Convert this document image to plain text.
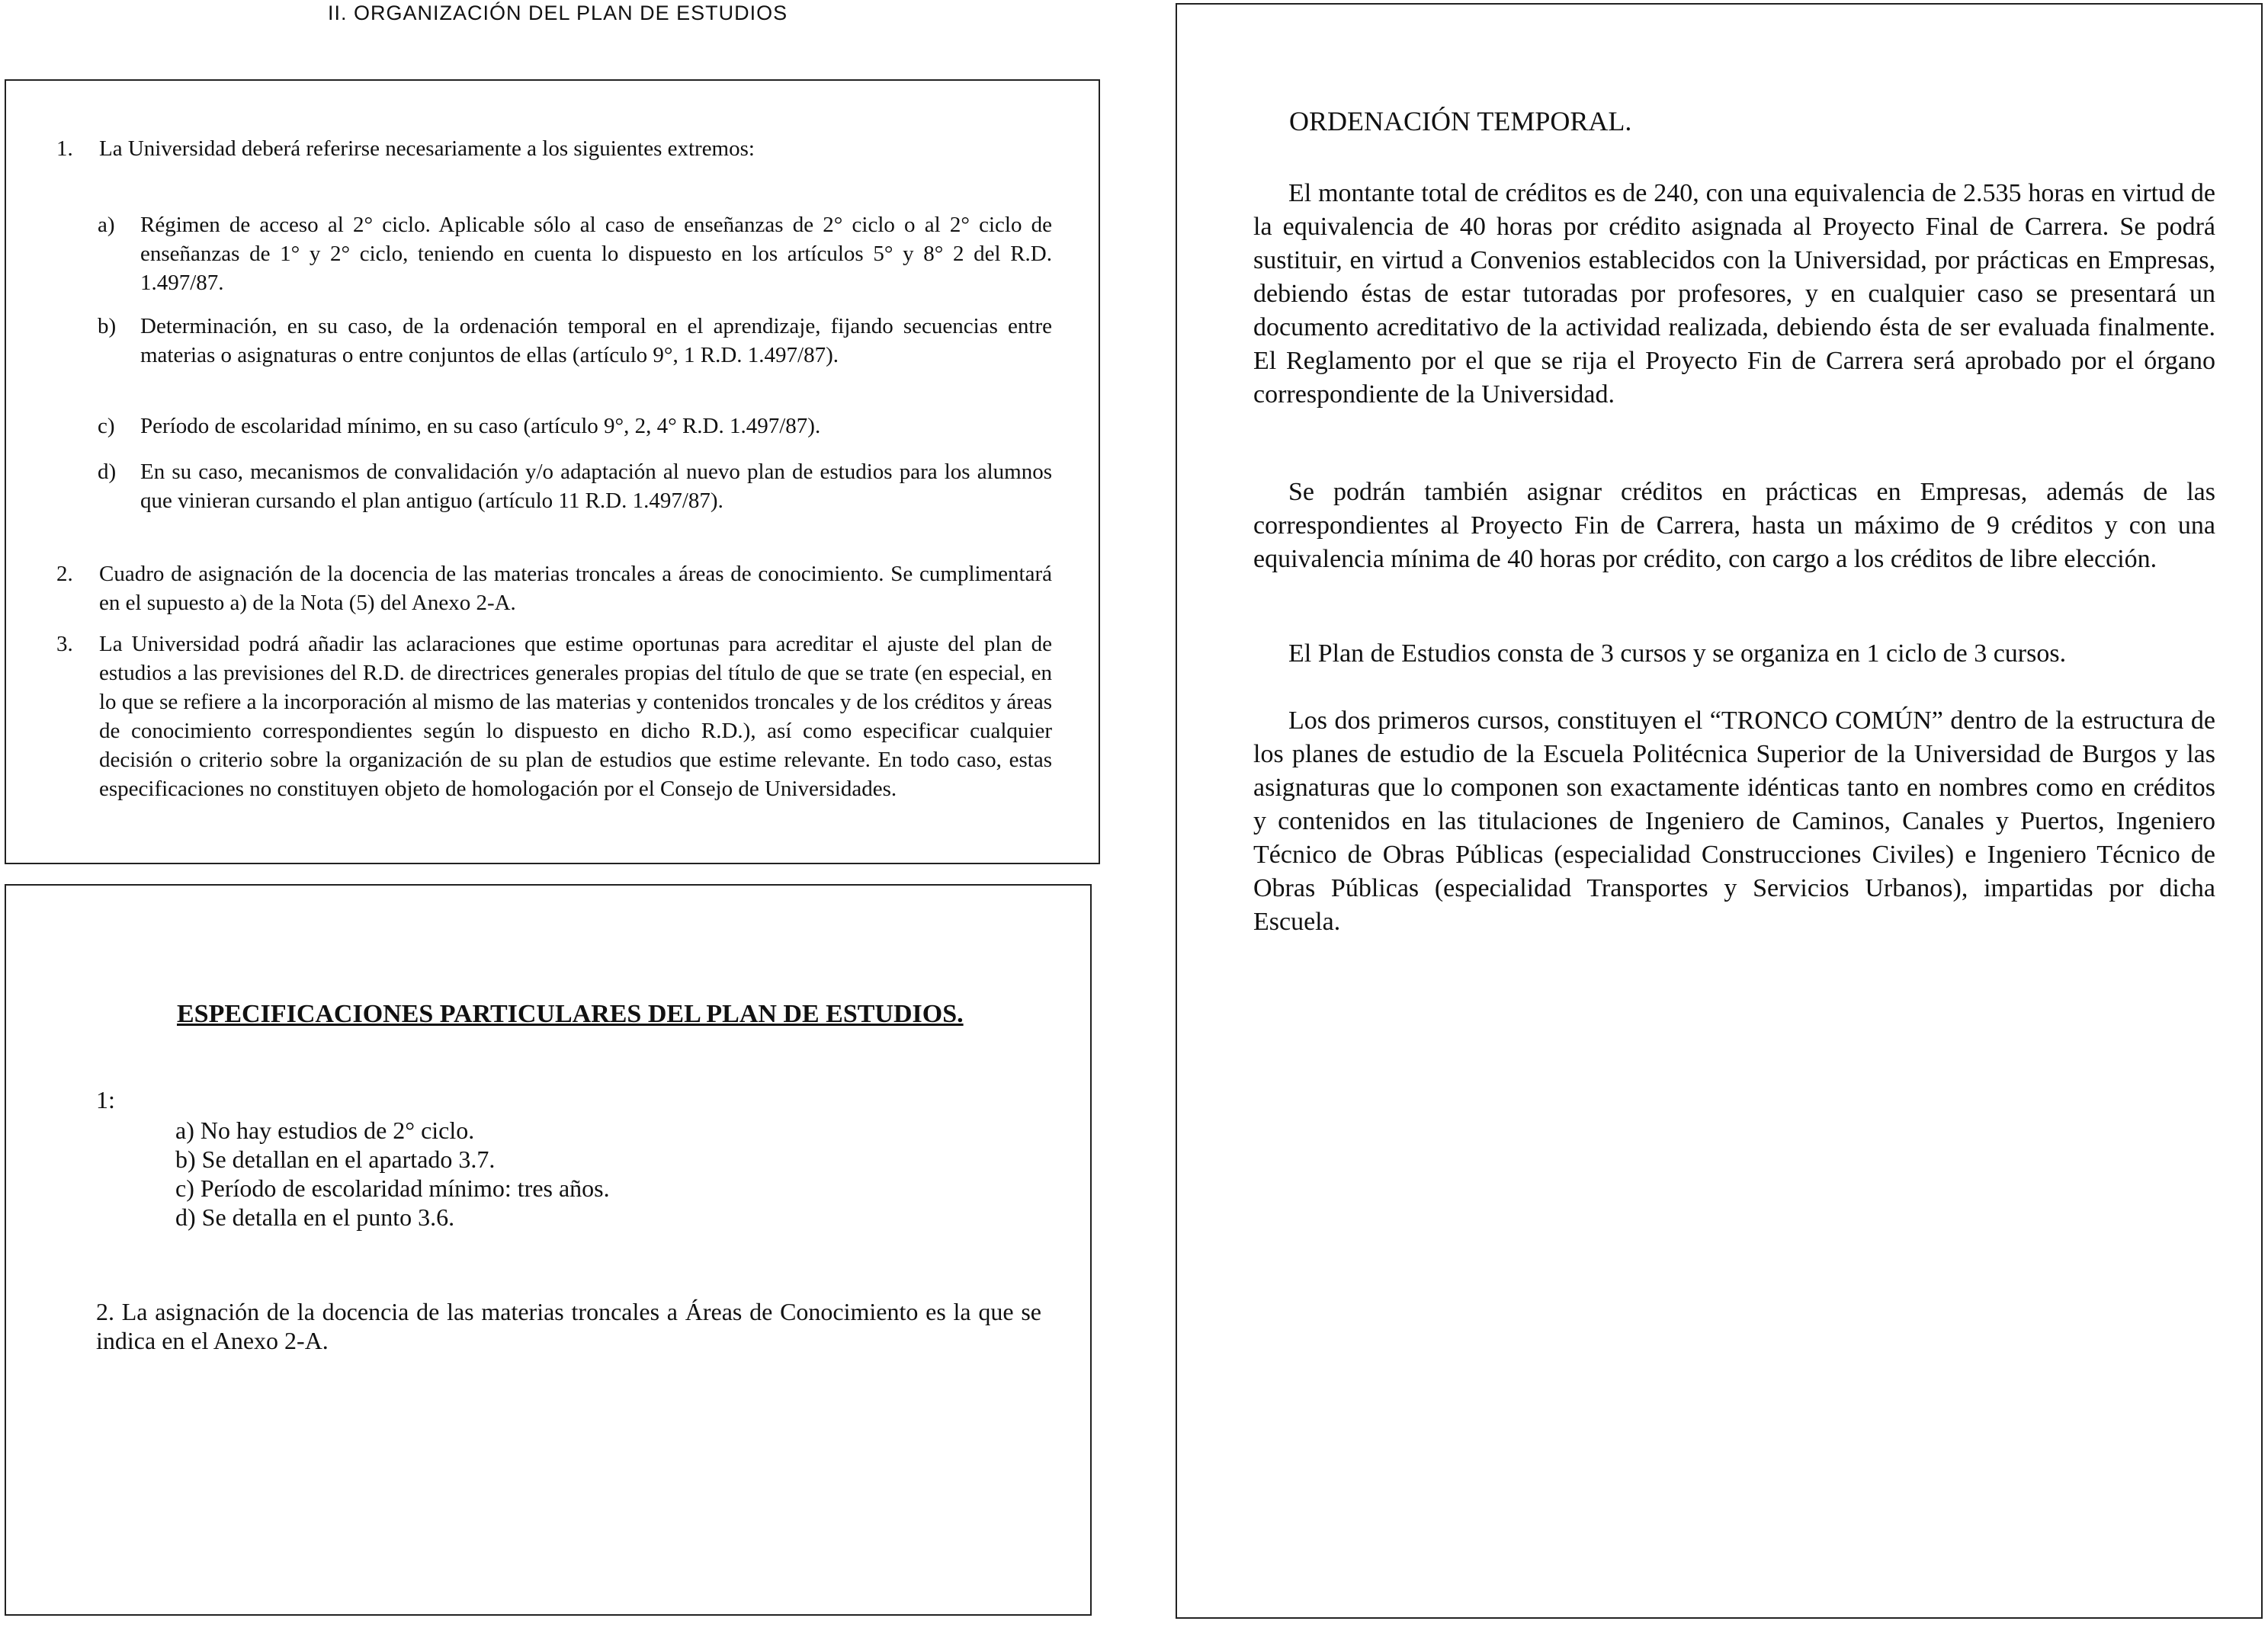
II. ORGANIZACIÓN DEL PLAN DE ESTUDIOS
1. La Universidad deberá referirse necesariamente a los siguientes extremos:
a) Régimen de acceso al 2° ciclo. Aplicable sólo al caso de enseñanzas de 2° ciclo o al 2° ciclo de enseñanzas de 1° y 2° ciclo, teniendo en cuenta lo dispuesto en los artículos 5° y 8° 2 del R.D. 1.497/87.
b) Determinación, en su caso, de la ordenación temporal en el aprendizaje, fijando secuencias entre materias o asignaturas o entre conjuntos de ellas (artículo 9°, 1 R.D. 1.497/87).
c) Período de escolaridad mínimo, en su caso (artículo 9°, 2, 4° R.D. 1.497/87).
d) En su caso, mecanismos de convalidación y/o adaptación al nuevo plan de estudios para los alumnos que vinieran cursando el plan antiguo (artículo 11 R.D. 1.497/87).
2. Cuadro de asignación de la docencia de las materias troncales a áreas de conocimiento. Se cumplimentará en el supuesto a) de la Nota (5) del Anexo 2-A.
3. La Universidad podrá añadir las aclaraciones que estime oportunas para acreditar el ajuste del plan de estudios a las previsiones del R.D. de directrices generales propias del título de que se trate (en especial, en lo que se refiere a la incorporación al mismo de las materias y contenidos troncales y de los créditos y áreas de conocimiento correspondientes según lo dispuesto en dicho R.D.), así como especificar cualquier decisión o criterio sobre la organización de su plan de estudios que estime relevante. En todo caso, estas especificaciones no constituyen objeto de homologación por el Consejo de Universidades.
ESPECIFICACIONES PARTICULARES DEL PLAN DE ESTUDIOS.
1:
a) No hay estudios de 2° ciclo.
b) Se detallan en el apartado 3.7.
c) Período de escolaridad mínimo: tres años.
d) Se detalla en el punto 3.6.
2. La asignación de la docencia de las materias troncales a Áreas de Conocimiento es la que se indica en el Anexo 2-A.
ORDENACIÓN TEMPORAL.
El montante total de créditos es de 240, con una equivalencia de 2.535 horas en virtud de la equivalencia de 40 horas por crédito asignada al Proyecto Final de Carrera. Se podrá sustituir, en virtud a Convenios establecidos con la Universidad, por prácticas en Empresas, debiendo éstas de estar tutoradas por profesores, y en cualquier caso se presentará un documento acreditativo de la actividad realizada, debiendo ésta de ser evaluada finalmente. El Reglamento por el que se rija el Proyecto Fin de Carrera será aprobado por el órgano correspondiente de la Universidad.
Se podrán también asignar créditos en prácticas en Empresas, además de las correspondientes al Proyecto Fin de Carrera, hasta un máximo de 9 créditos y con una equivalencia mínima de 40 horas por crédito, con cargo a los créditos de libre elección.
El Plan de Estudios consta de 3 cursos y se organiza en 1 ciclo de 3 cursos.
Los dos primeros cursos, constituyen el “TRONCO COMÚN” dentro de la estructura de los planes de estudio de la Escuela Politécnica Superior de la Universidad de Burgos y las asignaturas que lo componen son exactamente idénticas tanto en nombres como en créditos y contenidos en las titulaciones de Ingeniero de Caminos, Canales y Puertos, Ingeniero Técnico de Obras Públicas (especialidad Construcciones Civiles) e Ingeniero Técnico de Obras Públicas (especialidad Transportes y Servicios Urbanos), impartidas por dicha Escuela.
